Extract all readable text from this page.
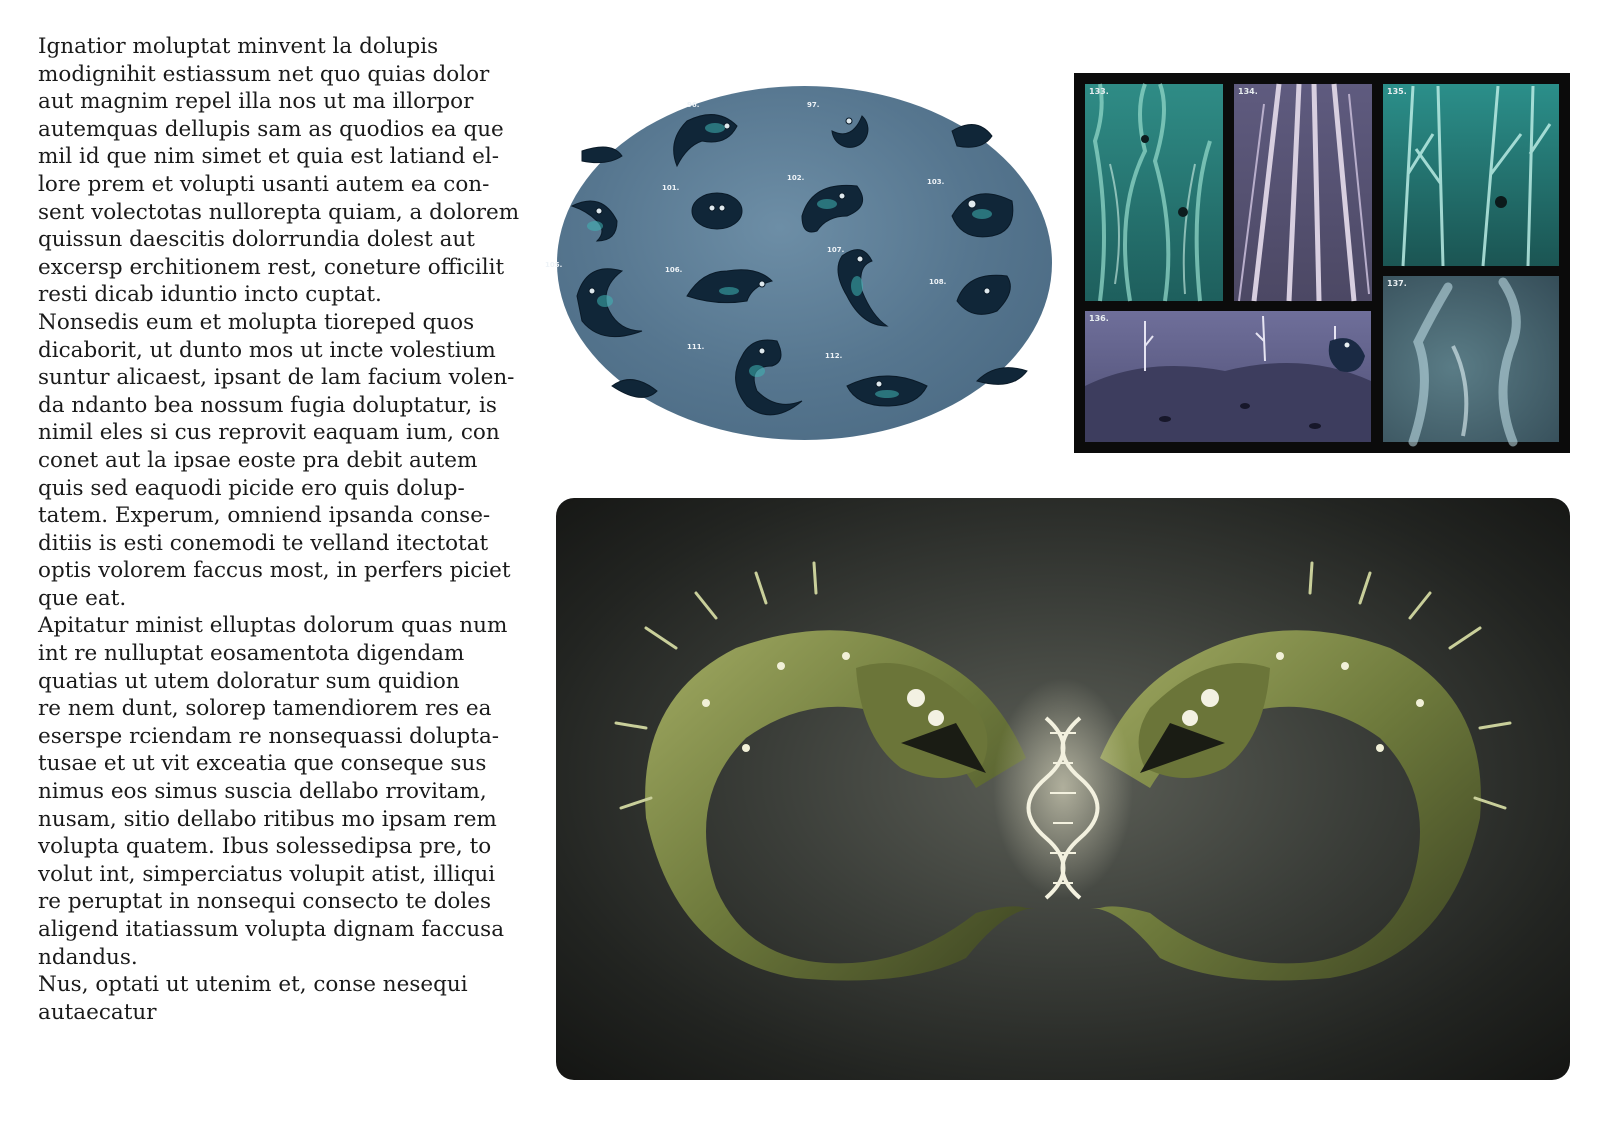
Ignatior moluptat minvent la dolupis
modignihit estiassum net quo quias dolor
aut magnim repel illa nos ut ma illorpor
autemquas dellupis sam as quodios ea que
mil id que nim simet et quia est latiand el-
lore prem et volupti usanti autem ea con-
sent volectotas nullorepta quiam, a dolorem
quissun daescitis dolorrundia dolest aut
excersp erchitionem rest, coneture officilit
resti dicab iduntio incto cuptat.

Nonsedis eum et molupta tioreped quos
dicaborit, ut dunto mos ut incte volestium
suntur alicaest, ipsant de lam facium volen-
da ndanto bea nossum fugia doluptatur, is
nimil eles si cus reprovit eaquam ium, con
conet aut la ipsae eoste pra debit autem
quis sed eaquodi picide ero quis dolup-
tatem. Experum, omniend ipsanda conse-
ditiis is esti conemodi te velland itectotat
optis volorem faccus most, in perfers piciet
que eat.

Apitatur minist elluptas dolorum quas num
int re nulluptat eosamentota digendam
quatias ut utem doloratur sum quidion
re nem dunt, solorep tamendiorem res ea
eserspe rciendam re nonsequassi dolupta-
tusae et ut vit exceatia que conseque sus
nimus eos simus suscia dellabo rrovitam,
nusam, sitio dellabo ritibus mo ipsam rem
volupta quatem. Ibus solessedipsa pre, to
volut int, simperciatus volupit atist, illiqui
re peruptat in nonsequi consecto te doles
aligend itatiassum volupta dignam faccusa
ndandus.

Nus, optati ut utenim et, conse nesequi
autaecatur

96.	97.
101.
102.	103.
105.
106.
107.
108.
111.
112.
133.	134.	135.
136.
137.
